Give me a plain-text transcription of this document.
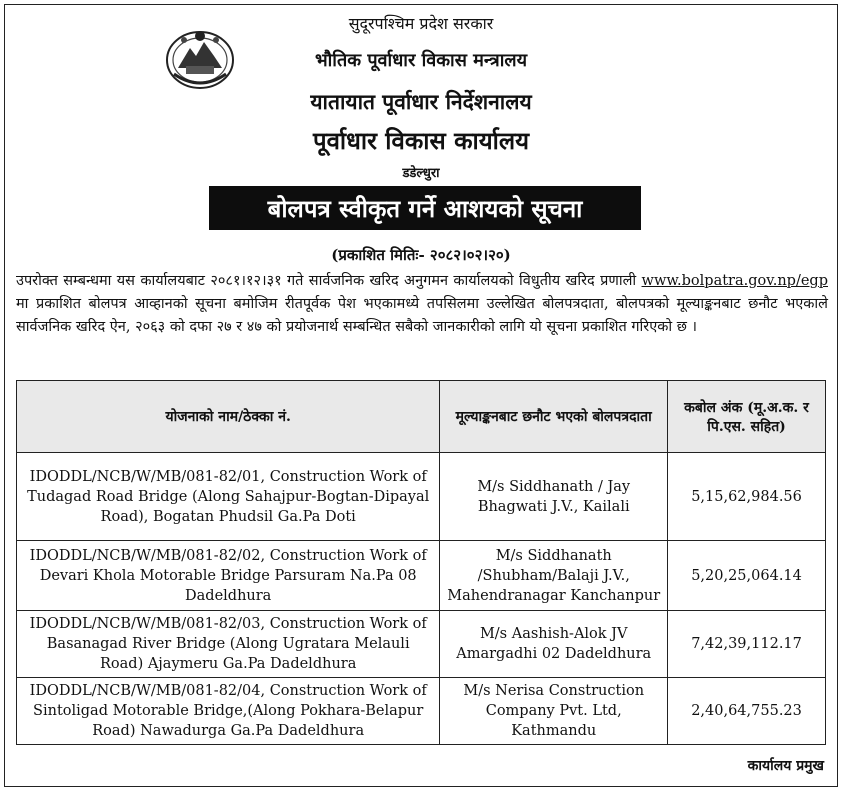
सुदूरपश्चिम प्रदेश सरकार
भौतिक पूर्वाधार विकास मन्त्रालय
यातायात पूर्वाधार निर्देशनालय
पूर्वाधार विकास कार्यालय
डडेल्धुरा
बोलपत्र स्वीकृत गर्ने आशयको सूचना
(प्रकाशित मितिः- २०८२।०२।२०)
उपरोक्त सम्बन्धमा यस कार्यालयबाट २०८१।१२।३१ गते सार्वजनिक खरिद अनुगमन कार्यालयको विधुतीय खरिद प्रणाली www.bolpatra.gov.np/egp मा प्रकाशित बोलपत्र आव्हानको सूचना बमोजिम रीतपूर्वक पेश भएकामध्ये तपसिलमा उल्लेखित बोलपत्रदाता, बोलपत्रको मूल्याङ्कनबाट छनौट भएकाले सार्वजनिक खरिद ऐन, २०६३ को दफा २७ र ४७ को प्रयोजनार्थ सम्बन्धित सबैको जानकारीको लागि यो सूचना प्रकाशित गरिएको छ ।
योजनाको नाम/ठेक्का नं.	मूल्याङ्कनबाट छनौट भएको बोलपत्रदाता	कबोल अंक (मू.अ.क. र पि.एस. सहित)
IDODDL/NCB/W/MB/081-82/01, Construction Work of Tudagad Road Bridge (Along Sahajpur-Bogtan-Dipayal Road), Bogatan Phudsil Ga.Pa Doti	M/s Siddhanath / Jay Bhagwati J.V., Kailali	5,15,62,984.56
IDODDL/NCB/W/MB/081-82/02, Construction Work of Devari Khola Motorable Bridge Parsuram Na.Pa 08 Dadeldhura	M/s Siddhanath /Shubham/Balaji J.V., Mahendranagar Kanchanpur	5,20,25,064.14
IDODDL/NCB/W/MB/081-82/03, Construction Work of Basanagad River Bridge (Along Ugratara Melauli Road) Ajaymeru Ga.Pa Dadeldhura	M/s Aashish-Alok JV Amargadhi 02 Dadeldhura	7,42,39,112.17
IDODDL/NCB/W/MB/081-82/04, Construction Work of Sintoligad Motorable Bridge,(Along Pokhara-Belapur Road) Nawadurga Ga.Pa Dadeldhura	M/s Nerisa Construction Company Pvt. Ltd, Kathmandu	2,40,64,755.23
कार्यालय प्रमुख
